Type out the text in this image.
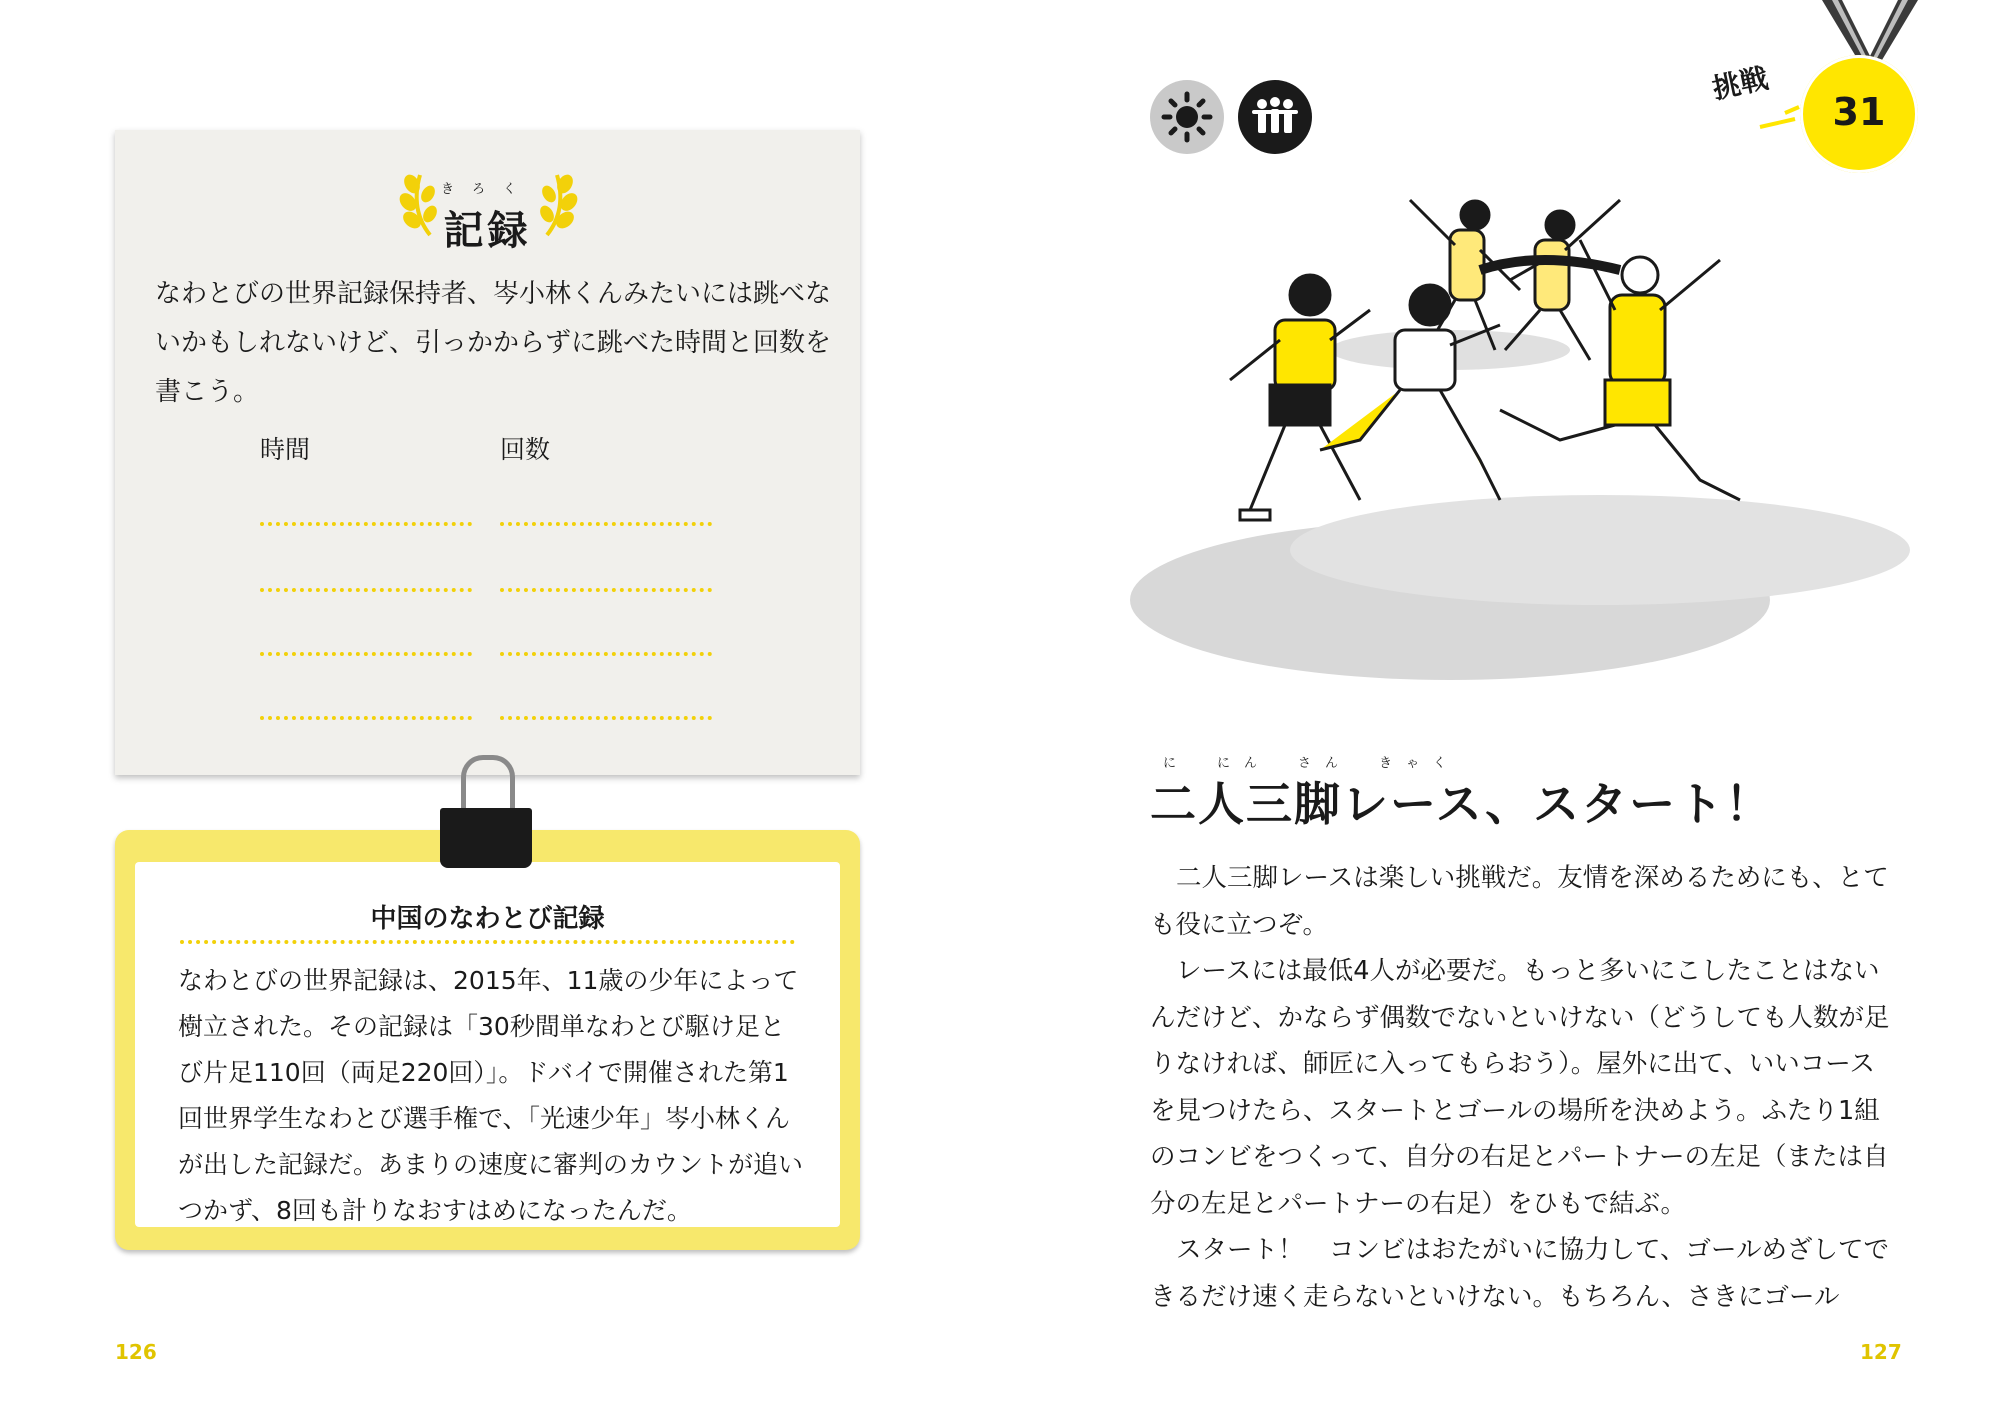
きろく
記録
なわとびの世界記録保持者、岑小林くんみたいには跳べないかもしれないけど、引っかからずに跳べた時間と回数を書こう。
時間	回数
中国のなわとび記録
なわとびの世界記録は、2015年、11歳の少年によって樹立された。その記録は「30秒間単なわとび駆け足とび片足110回（両足220回）」。ドバイで開催された第1回世界学生なわとび選手権で、「光速少年」岑小林くんが出した記録だ。あまりの速度に審判のカウントが追いつかず、8回も計りなおすはめになったんだ。
126
31
挑戦
に　にん　さん　きゃく
二人三脚レース、スタート！

二人三脚レースは楽しい挑戦だ。友情を深めるためにも、とても役に立つぞ。

レースには最低4人が必要だ。もっと多いにこしたことはないんだけど、かならず偶数でないといけない（どうしても人数が足りなければ、師匠に入ってもらおう）。屋外に出て、いいコースを見つけたら、スタートとゴールの場所を決めよう。ふたり1組のコンビをつくって、自分の右足とパートナーの左足（または自分の左足とパートナーの右足）をひもで結ぶ。

スタート！　コンビはおたがいに協力して、ゴールめざしてできるだけ速く走らないといけない。もちろん、さきにゴール

127
